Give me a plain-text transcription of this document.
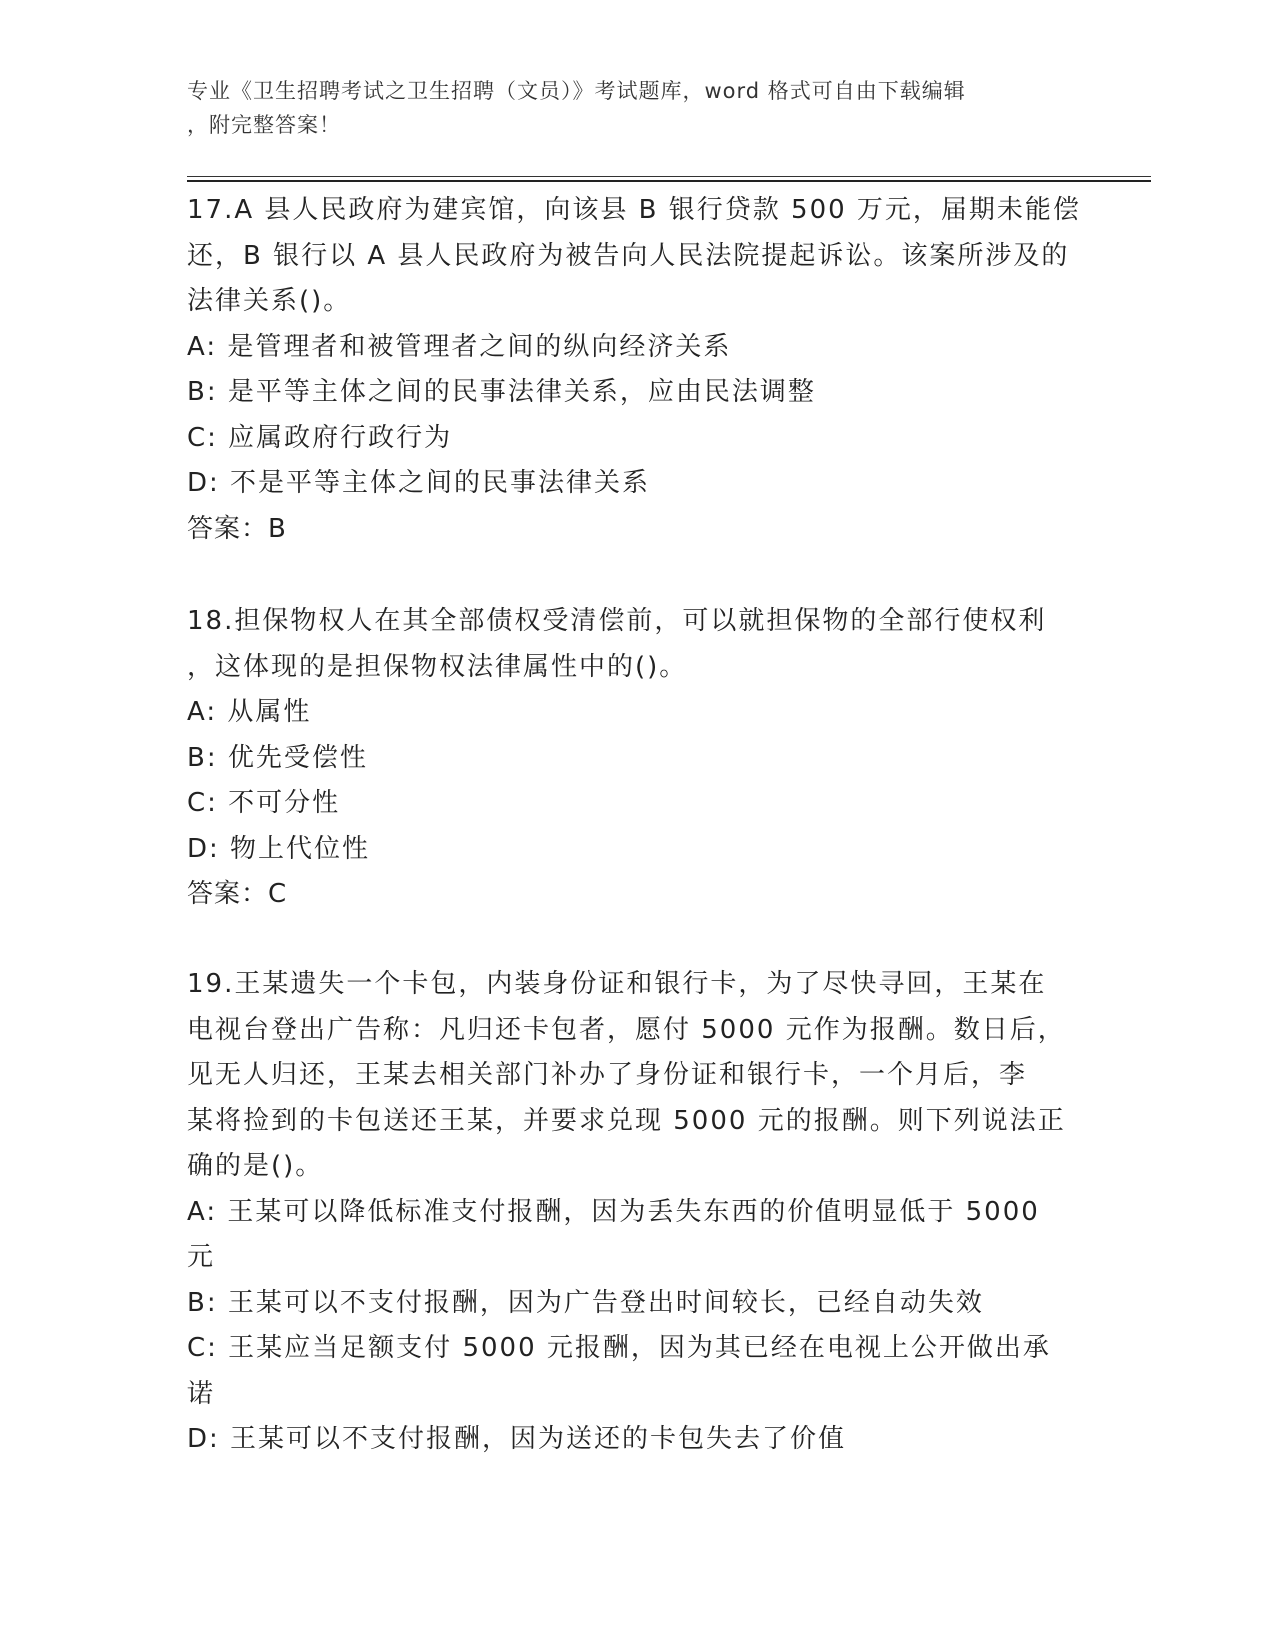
专业《卫生招聘考试之卫生招聘（文员）》考试题库，word 格式可自由下载编辑
，附完整答案！
17.A 县人民政府为建宾馆，向该县 B 银行贷款 500 万元，届期未能偿
还，B 银行以 A 县人民政府为被告向人民法院提起诉讼。该案所涉及的
法律关系()。
A: 是管理者和被管理者之间的纵向经济关系
B: 是平等主体之间的民事法律关系，应由民法调整
C: 应属政府行政行为
D: 不是平等主体之间的民事法律关系
答案：B
18.担保物权人在其全部债权受清偿前，可以就担保物的全部行使权利
，这体现的是担保物权法律属性中的()。
A: 从属性
B: 优先受偿性
C: 不可分性
D: 物上代位性
答案：C
19.王某遗失一个卡包，内装身份证和银行卡，为了尽快寻回，王某在
电视台登出广告称：凡归还卡包者，愿付 5000 元作为报酬。数日后，
见无人归还，王某去相关部门补办了身份证和银行卡，一个月后，李
某将捡到的卡包送还王某，并要求兑现 5000 元的报酬。则下列说法正
确的是()。
A: 王某可以降低标准支付报酬，因为丢失东西的价值明显低于 5000
元
B: 王某可以不支付报酬，因为广告登出时间较长，已经自动失效
C: 王某应当足额支付 5000 元报酬，因为其已经在电视上公开做出承
诺
D: 王某可以不支付报酬，因为送还的卡包失去了价值
